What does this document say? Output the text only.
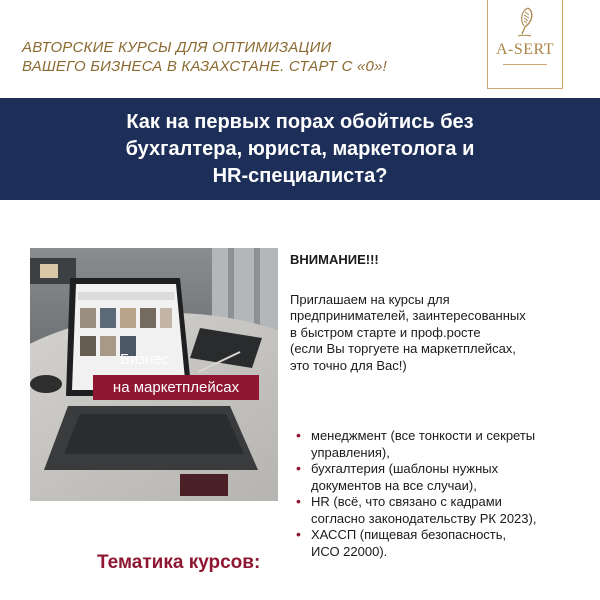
АВТОРСКИЕ КУРСЫ ДЛЯ ОПТИМИЗАЦИИ
ВАШЕГО БИЗНЕСА В КАЗАХСТАНЕ. СТАРТ С «0»!
A-SERT
Как на первых порах обойтись без
бухгалтера, юриста, маркетолога и
HR-специалиста?
Бизнес
на маркетплейсах
ВНИМАНИЕ!!!
Приглашаем на курсы для
предпринимателей, заинтересованных
в быстром старте и проф.росте
(если Вы торгуете на маркетплейсах,
это точно для Вас!)
• менеджмент (все тонкости и секреты
управления),
• бухгалтерия (шаблоны нужных
документов на все случаи),
• HR (всё, что связано с кадрами
согласно законодательству РК 2023),
• ХАССП (пищевая безопасность,
ИСО 22000).
Тематика курсов:
